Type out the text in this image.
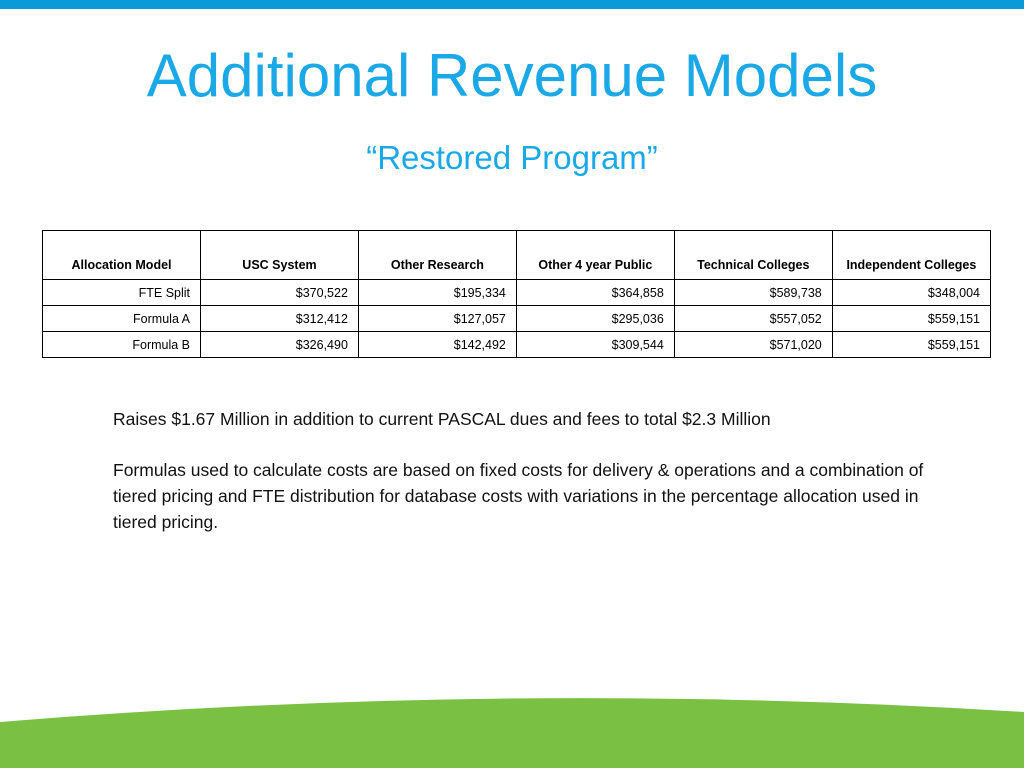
Additional Revenue Models
“Restored Program”
Allocation Model	USC System	Other Research	Other 4 year Public	Technical Colleges	Independent Colleges
FTE Split	$370,522	$195,334	$364,858	$589,738	$348,004
Formula A	$312,412	$127,057	$295,036	$557,052	$559,151
Formula B	$326,490	$142,492	$309,544	$571,020	$559,151

Raises $1.67 Million in addition to current PASCAL dues and fees to total $2.3 Million

Formulas used to calculate costs are based on fixed costs for delivery & operations and a combination of tiered pricing and FTE distribution for database costs with variations in the percentage allocation used in tiered pricing.
